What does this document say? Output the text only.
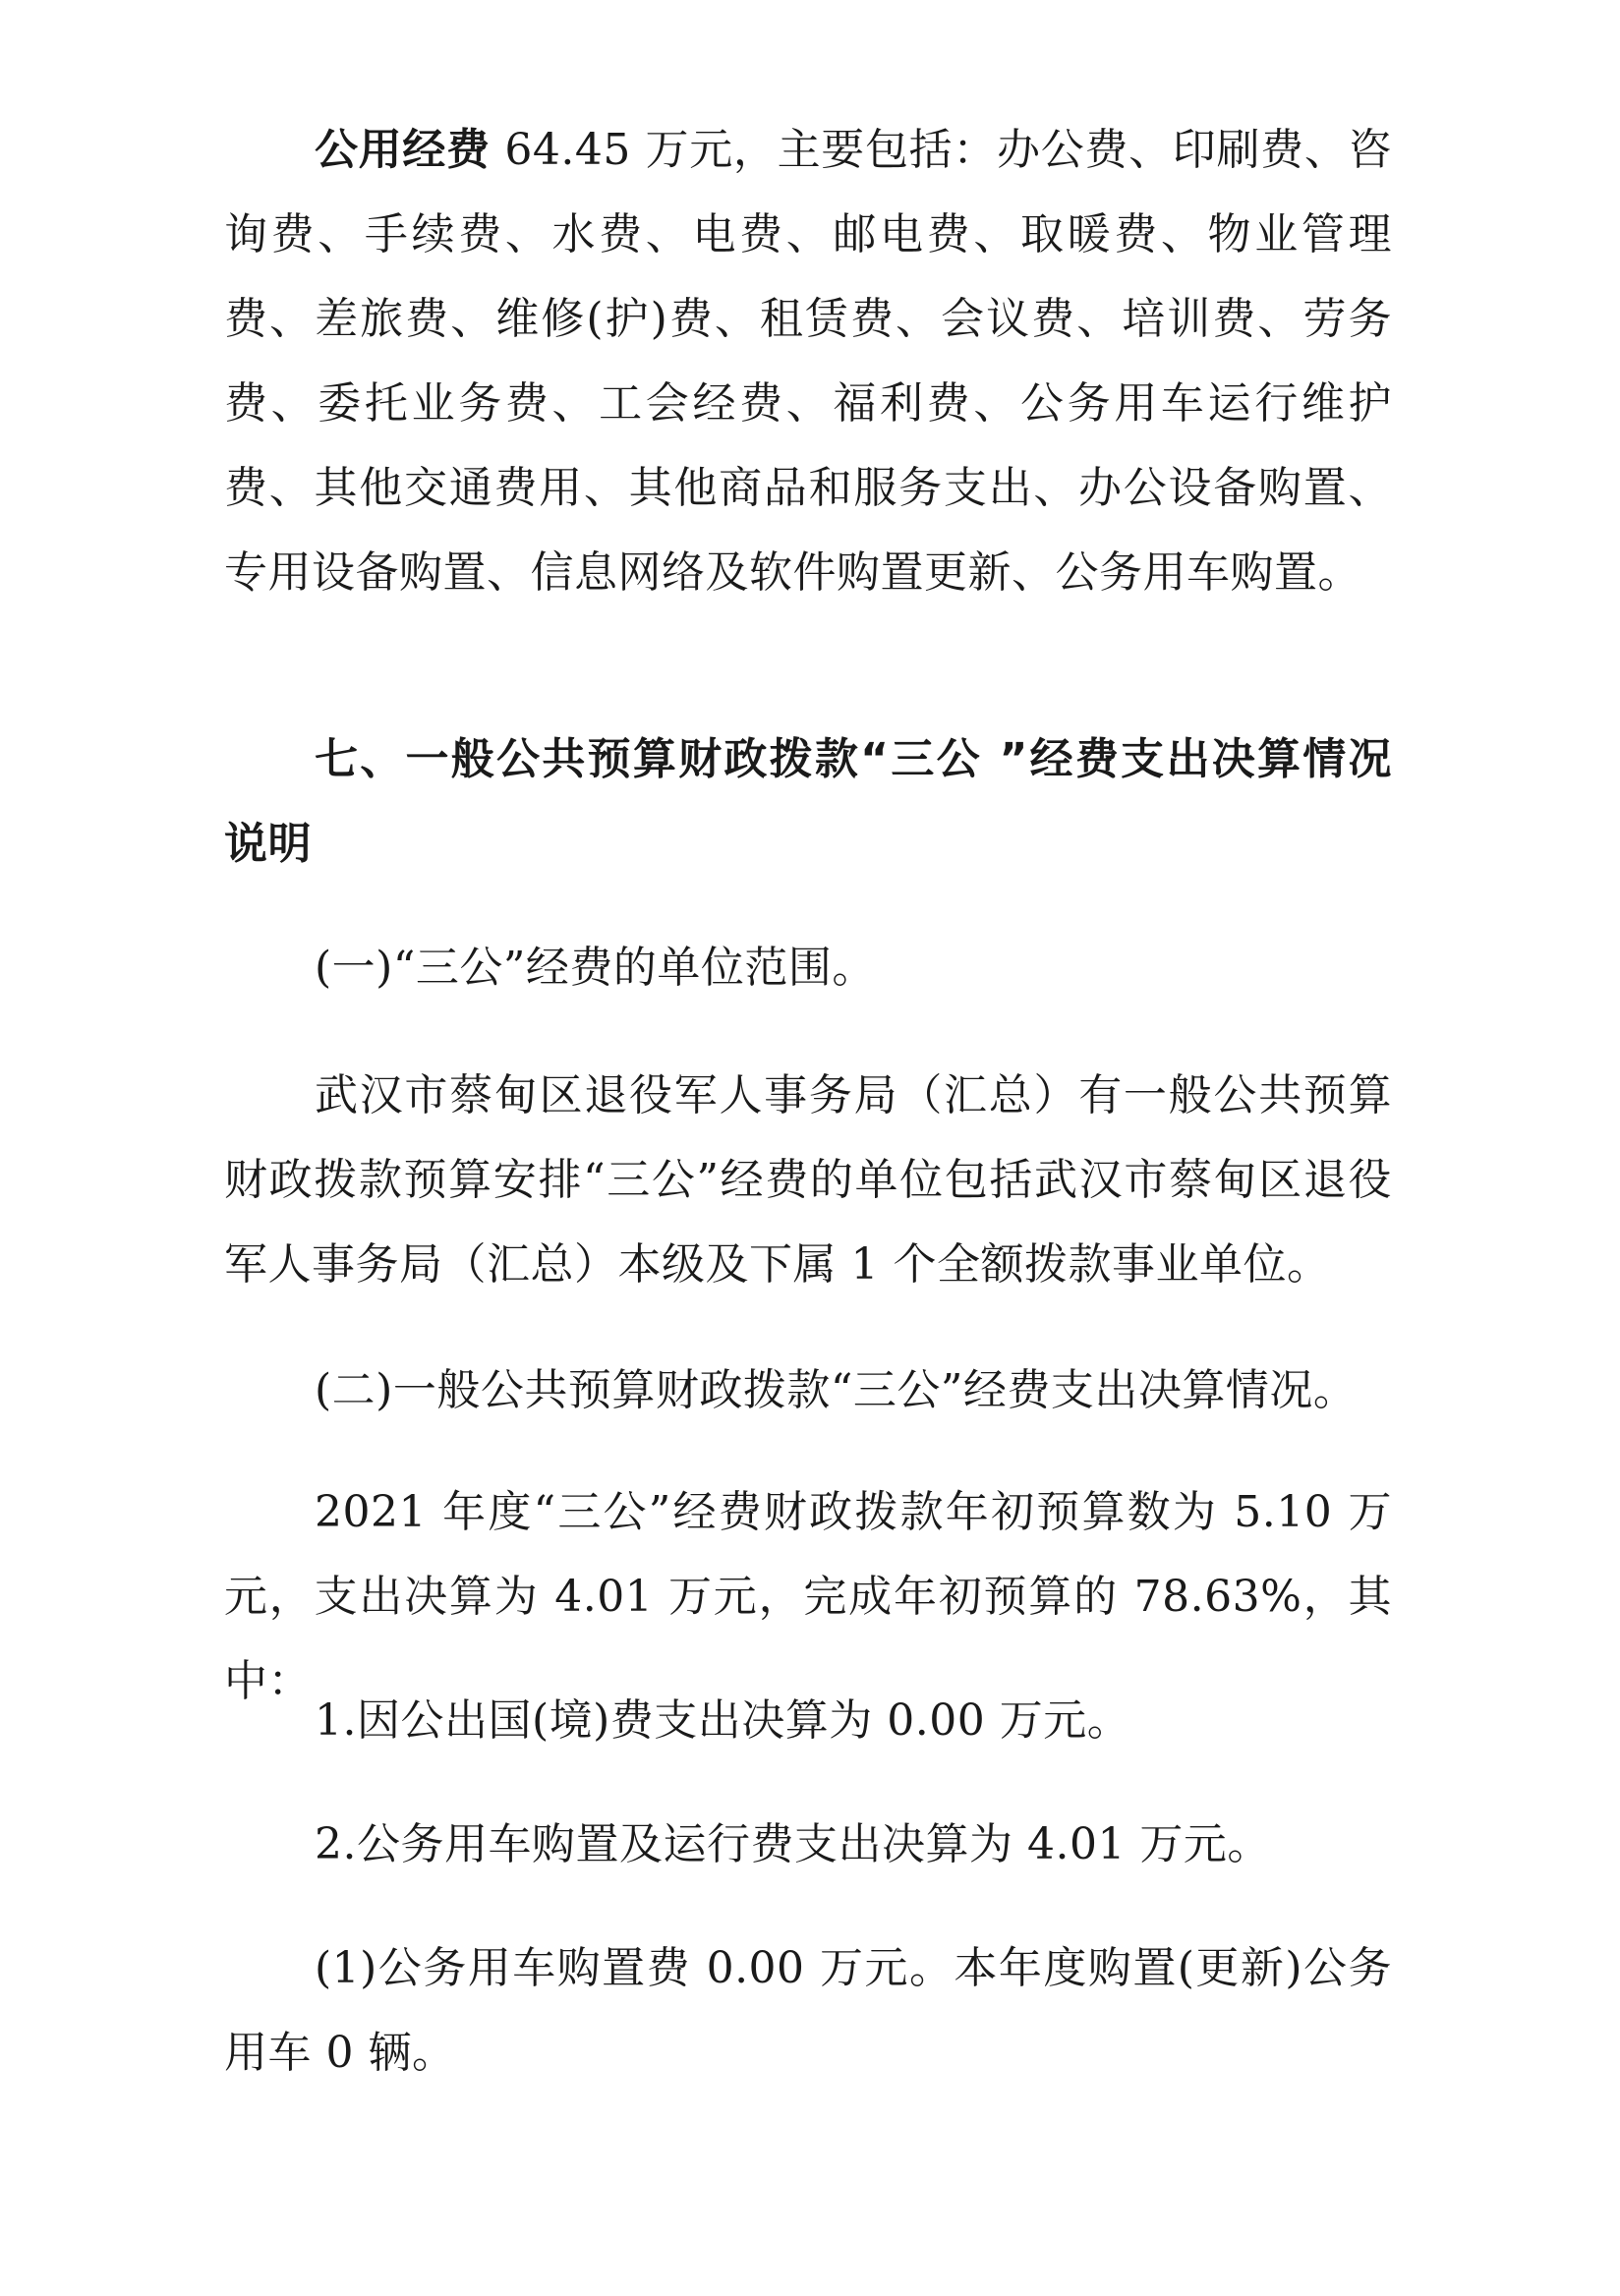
公用经费 64.45 万元，主要包括：办公费、印刷费、咨询费、手续费、水费、电费、邮电费、取暖费、物业管理费、差旅费、维修(护)费、租赁费、会议费、培训费、劳务费、委托业务费、工会经费、福利费、公务用车运行维护费、其他交通费用、其他商品和服务支出、办公设备购置、专用设备购置、信息网络及软件购置更新、公务用车购置。

七、一般公共预算财政拨款“三公 ”经费支出决算情况说明

(一)“三公”经费的单位范围。

武汉市蔡甸区退役军人事务局（汇总）有一般公共预算财政拨款预算安排“三公”经费的单位包括武汉市蔡甸区退役军人事务局（汇总）本级及下属 1 个全额拨款事业单位。

(二)一般公共预算财政拨款“三公”经费支出决算情况。

2021 年度“三公”经费财政拨款年初预算数为 5.10 万元，支出决算为 4.01 万元，完成年初预算的 78.63%，其中：

1.因公出国(境)费支出决算为 0.00 万元。

2.公务用车购置及运行费支出决算为 4.01 万元。

(1)公务用车购置费 0.00 万元。本年度购置(更新)公务用车 0 辆。
